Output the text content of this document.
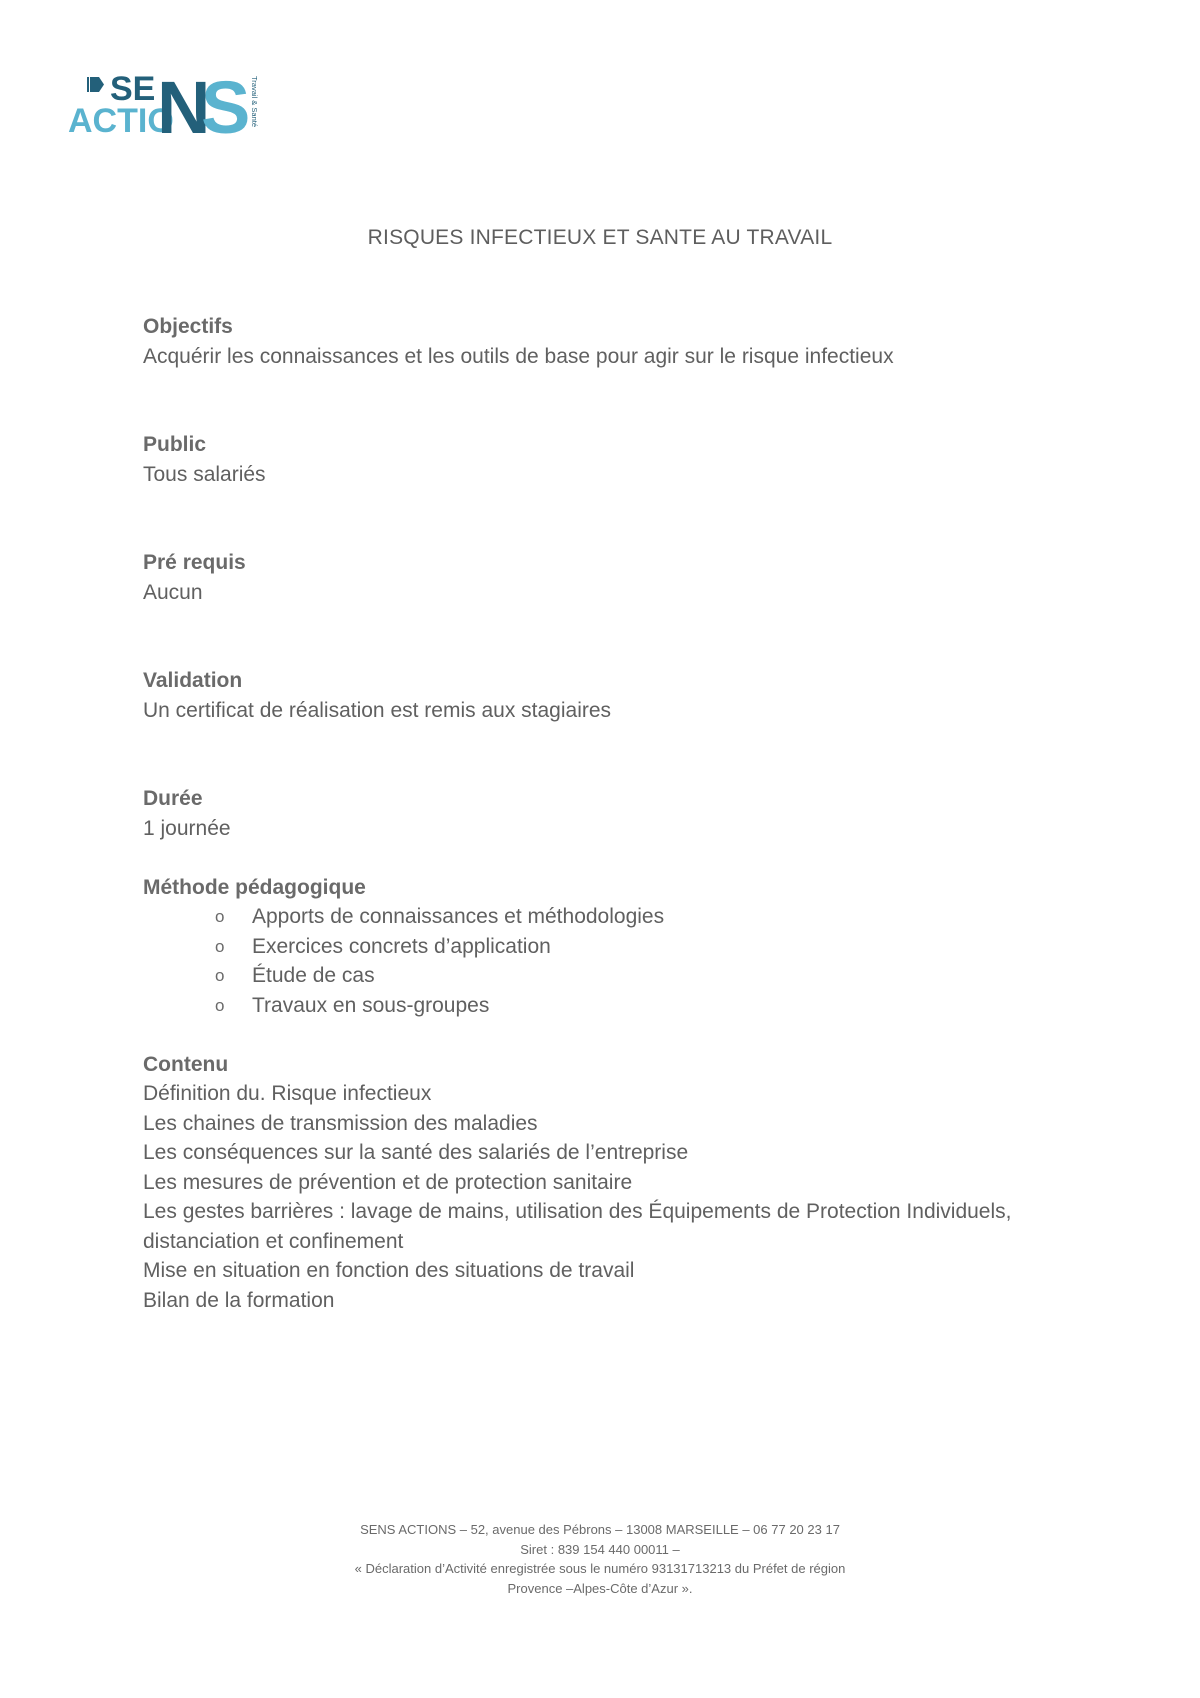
SE
ACTIO
N
S Travail & Santé
RISQUES INFECTIEUX ET SANTE AU TRAVAIL
Objectifs
Acquérir les connaissances et les outils de base pour agir sur le risque infectieux
Public
Tous salariés
Pré requis
Aucun
Validation
Un certificat de réalisation est remis aux stagiaires
Durée
1 journée
Méthode pédagogique
o Apports de connaissances et méthodologies
o Exercices concrets d’application
o Étude de cas
o Travaux en sous-groupes
Contenu
Définition du. Risque infectieux
Les chaines de transmission des maladies
Les conséquences sur la santé des salariés de l’entreprise
Les mesures de prévention et de protection sanitaire
Les gestes barrières : lavage de mains, utilisation des Équipements de Protection Individuels, distanciation et confinement
Mise en situation en fonction des situations de travail
Bilan de la formation
SENS ACTIONS – 52, avenue des Pébrons – 13008 MARSEILLE – 06 77 20 23 17
Siret : 839 154 440 00011 –
« Déclaration d’Activité enregistrée sous le numéro 93131713213 du Préfet de région
Provence –Alpes-Côte d’Azur ».
